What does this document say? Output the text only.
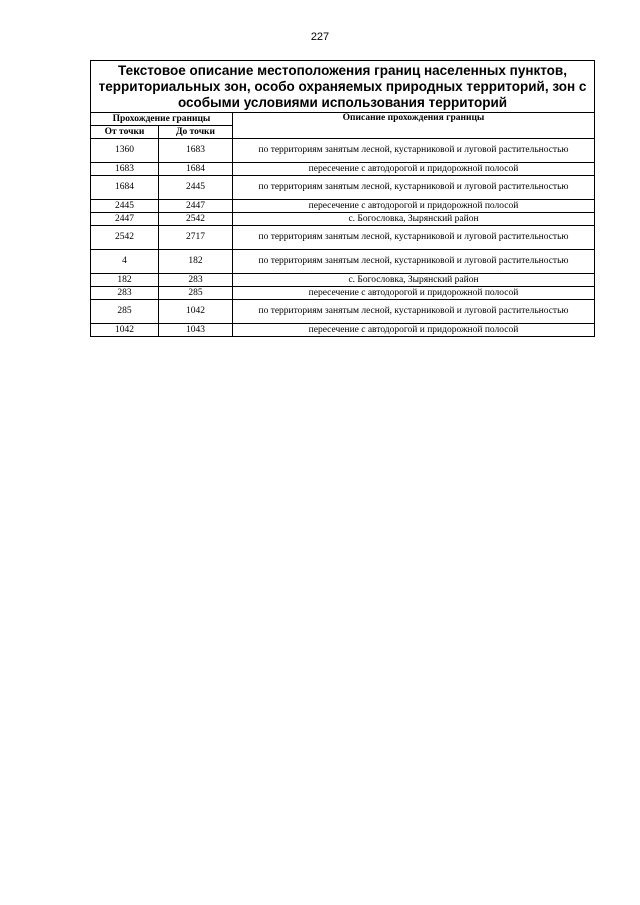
227
Текстовое описание местоположения границ населенных пунктов, территориальных зон, особо охраняемых природных территорий, зон с особыми условиями использования территорий		
Прохождение границы		Описание прохождения границы
От точки	До точки	
1360	1683	по территориям занятым лесной, кустарниковой и луговой растительностью
1683	1684	пересечение с автодорогой и придорожной полосой
1684	2445	по территориям занятым лесной, кустарниковой и луговой растительностью
2445	2447	пересечение с автодорогой и придорожной полосой
2447	2542	с. Богословка, Зырянский район
2542	2717	по территориям занятым лесной, кустарниковой и луговой растительностью
4	182	по территориям занятым лесной, кустарниковой и луговой растительностью
182	283	с. Богословка, Зырянский район
283	285	пересечение с автодорогой и придорожной полосой
285	1042	по территориям занятым лесной, кустарниковой и луговой растительностью
1042	1043	пересечение с автодорогой и придорожной полосой
